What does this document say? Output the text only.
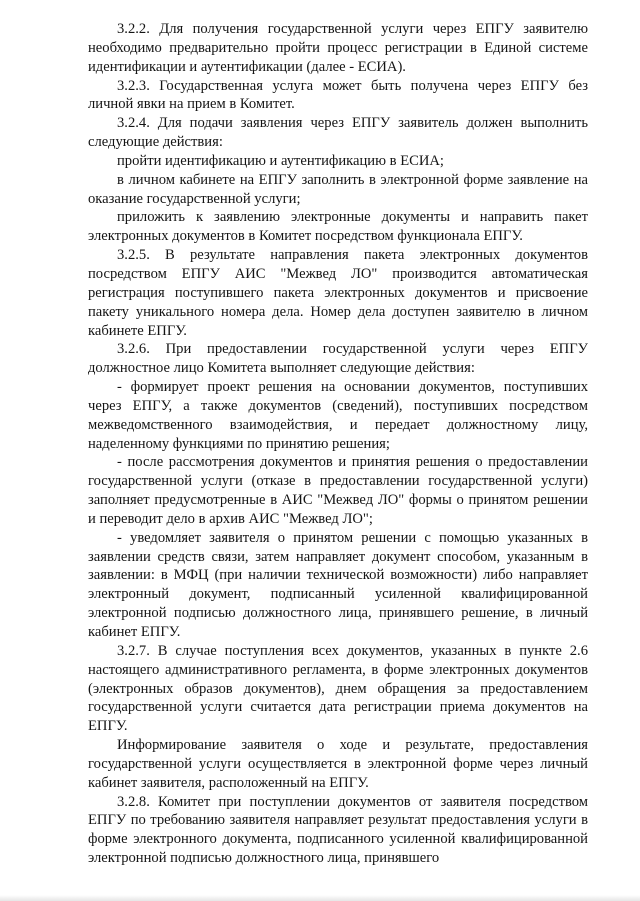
3.2.2. Для получения государственной услуги через ЕПГУ заявителю необходимо предварительно пройти процесс регистрации в Единой системе идентификации и аутентификации (далее - ЕСИА).

3.2.3. Государственная услуга может быть получена через ЕПГУ без личной явки на прием в Комитет.

3.2.4. Для подачи заявления через ЕПГУ заявитель должен выполнить следующие действия:

пройти идентификацию и аутентификацию в ЕСИА;

в личном кабинете на ЕПГУ заполнить в электронной форме заявление на оказание государственной услуги;

приложить к заявлению электронные документы и направить пакет электронных документов в Комитет посредством функционала ЕПГУ.

3.2.5. В результате направления пакета электронных документов посредством ЕПГУ АИС "Межвед ЛО" производится автоматическая регистрация поступившего пакета электронных документов и присвоение пакету уникального номера дела. Номер дела доступен заявителю в личном кабинете ЕПГУ.

3.2.6. При предоставлении государственной услуги через ЕПГУ должностное лицо Комитета выполняет следующие действия:

- формирует проект решения на основании документов, поступивших через ЕПГУ, а также документов (сведений), поступивших посредством межведомственного взаимодействия, и передает должностному лицу, наделенному функциями по принятию решения;

- после рассмотрения документов и принятия решения о предоставлении государственной услуги (отказе в предоставлении государственной услуги) заполняет предусмотренные в АИС "Межвед ЛО" формы о принятом решении и переводит дело в архив АИС "Межвед ЛО";

- уведомляет заявителя о принятом решении с помощью указанных в заявлении средств связи, затем направляет документ способом, указанным в заявлении: в МФЦ (при наличии технической возможности) либо направляет электронный документ, подписанный усиленной квалифицированной электронной подписью должностного лица, принявшего решение, в личный кабинет ЕПГУ.

3.2.7. В случае поступления всех документов, указанных в пункте 2.6 настоящего административного регламента, в форме электронных документов (электронных образов документов), днем обращения за предоставлением государственной услуги считается дата регистрации приема документов на ЕПГУ.

Информирование заявителя о ходе и результате, предоставления государственной услуги осуществляется в электронной форме через личный кабинет заявителя, расположенный на ЕПГУ.

3.2.8. Комитет при поступлении документов от заявителя посредством ЕПГУ по требованию заявителя направляет результат предоставления услуги в форме электронного документа, подписанного усиленной квалифицированной электронной подписью должностного лица, принявшего
